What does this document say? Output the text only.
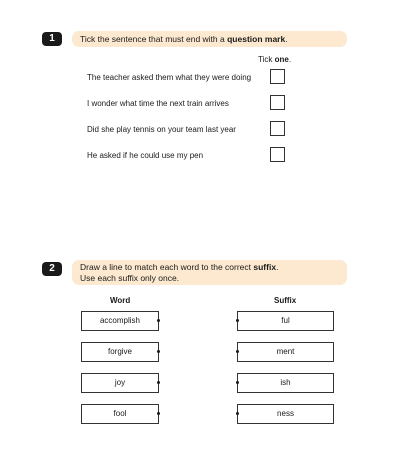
1	Tick the sentence that must end with a question mark.
Tick one.
The teacher asked them what they were doing
I wonder what time the next train arrives
Did she play tennis on your team last year
He asked if he could use my pen
2	Draw a line to match each word to the correct suffix.
Use each suffix only once.
Word	Suffix
accomplish
forgive
joy
fool
ful
ment
ish
ness
